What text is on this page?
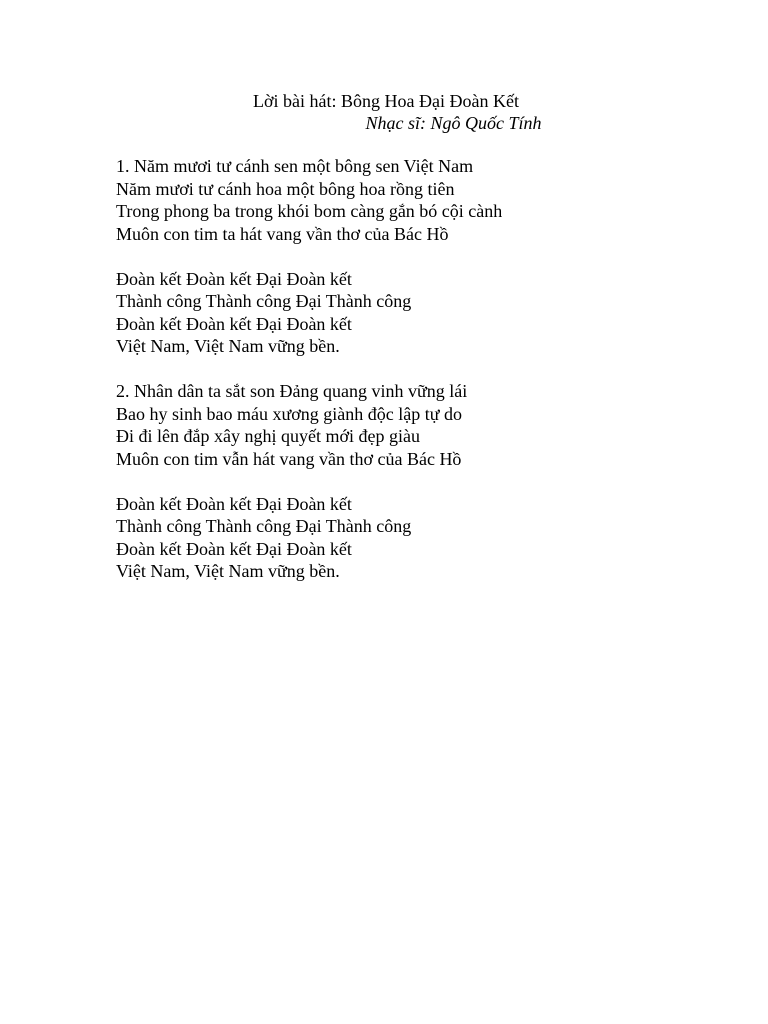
Lời bài hát: Bông Hoa Đại Đoàn Kết
Nhạc sĩ: Ngô Quốc Tính
1. Năm mươi tư cánh sen một bông sen Việt Nam
Năm mươi tư cánh hoa một bông hoa rồng tiên
Trong phong ba trong khói bom càng gắn bó cội cành
Muôn con tim ta hát vang vần thơ của Bác Hồ
Đoàn kết Đoàn kết Đại Đoàn kết
Thành công Thành công Đại Thành công
Đoàn kết Đoàn kết Đại Đoàn kết
Việt Nam, Việt Nam vững bền.
2. Nhân dân ta sắt son Đảng quang vinh vững lái
Bao hy sinh bao máu xương giành độc lập tự do
Đi đi lên đắp xây nghị quyết mới đẹp giàu
Muôn con tim vẫn hát vang vần thơ của Bác Hồ
Đoàn kết Đoàn kết Đại Đoàn kết
Thành công Thành công Đại Thành công
Đoàn kết Đoàn kết Đại Đoàn kết
Việt Nam, Việt Nam vững bền.
